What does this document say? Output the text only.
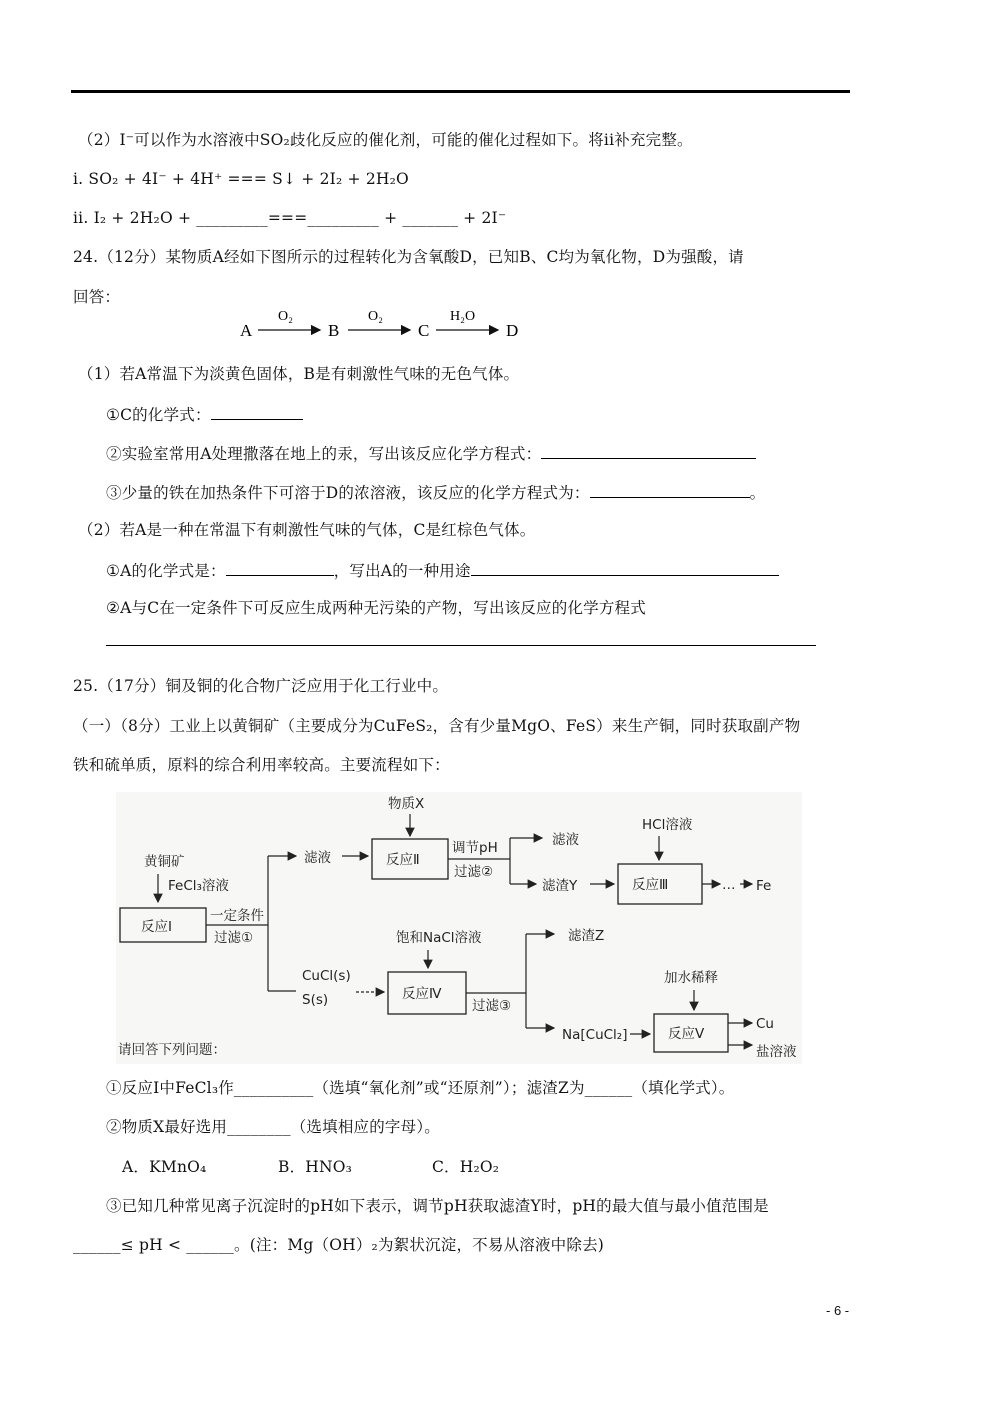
（2）I⁻可以作为水溶液中SO₂歧化反应的催化剂，可能的催化过程如下。将ii补充完整。
i. SO₂ + 4I⁻ + 4H⁺ === S↓ + 2I₂ + 2H₂O
ii. I₂ + 2H₂O + _________===_________ + _______ + 2I⁻
24.（12分）某物质A经如下图所示的过程转化为含氧酸D，已知B、C均为氧化物，D为强酸，请
回答：
A
O₂
B
O₂
C
H₂O
D
（1）若A常温下为淡黄色固体，B是有刺激性气味的无色气体。
①C的化学式：
②实验室常用A处理撒落在地上的汞，写出该反应化学方程式：
③少量的铁在加热条件下可溶于D的浓溶液，该反应的化学方程式为：	。
（2）若A是一种在常温下有刺激性气味的气体，C是红棕色气体。
①A的化学式是：	，写出A的一种用途
②A与C在一定条件下可反应生成两种无污染的产物，写出该反应的化学方程式
25.（17分）铜及铜的化合物广泛应用于化工行业中。
（一）（8分）工业上以黄铜矿（主要成分为CuFeS₂，含有少量MgO、FeS）来生产铜，同时获取副产物
铁和硫单质，原料的综合利用率较高。主要流程如下：
黄铜矿
FeCl₃溶液
反应Ⅰ
一定条件
过滤①
滤液
物质X
反应Ⅱ
调节pH
过滤②
滤液
滤渣Y
HCl溶液
反应Ⅲ	… Fe
CuCl(s)
S(s)
饱和NaCl溶液
反应Ⅳ
过滤③
滤渣Z
Na[CuCl₂]
加水稀释
反应Ⅴ
Cu
盐溶液
请回答下列问题：
①反应Ⅰ中FeCl₃作__________（选填“氧化剂”或“还原剂”）；滤渣Z为______（填化学式）。
②物质X最好选用________（选填相应的字母）。
A．KMnO₄	B．HNO₃	C．H₂O₂
③已知几种常见离子沉淀时的pH如下表示，调节pH获取滤渣Y时，pH的最大值与最小值范围是
______≤ pH < ______。(注：Mg（OH）₂为絮状沉淀，不易从溶液中除去)
- 6 -
